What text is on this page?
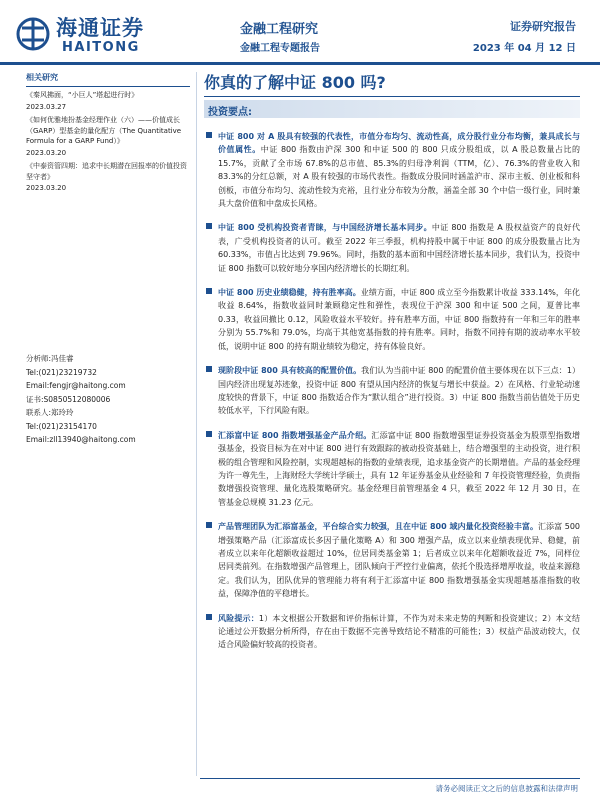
海通证券
HAITONG
金融工程研究
金融工程专题报告
证券研究报告
2023 年 04 月 12 日
相关研究
《秦风拂面，“小巨人”塔起进行时》
2023.03.27
《如何优雅地扮基金经理作业（六）——价值成长（GARP）型基金的量化配方（The Quantitative Formula for a GARP Fund）》
2023.03.20
《中泰资管四期：追求中长期潜在回报率的价值投资坚守者》
2023.03.20
分析师:冯佳睿
Tel:(021)23219732
Email:fengjr@haitong.com
证书:S0850512080006
联系人:郑玲玲
Tel:(021)23154170
Email:zll13940@haitong.com
你真的了解中证 800 吗?
投资要点:
中证 800 对 A 股具有较强的代表性，市值分布均匀、流动性高，成分股行业分布均衡，兼具成长与价值属性。中证 800 指数由沪深 300 和中证 500 的 800 只成分股组成，以 A 股总数量占比的 15.7%，贡献了全市场 67.8%的总市值、85.3%的归母净利润（TTM，亿）、76.3%的营业收入和 83.3%的分红总额，对 A 股有较强的市场代表性。指数成分股同时涵盖沪市、深市主板、创业板和科创板，市值分布均匀、流动性较为充裕，且行业分布较为分散，涵盖全部 30 个中信一级行业，同时兼具大盘价值和中盘成长风格。
中证 800 受机构投资者青睐，与中国经济增长基本同步。中证 800 指数是 A 股权益资产的良好代表，广受机构投资者的认可。截至 2022 年三季报，机构持股中属于中证 800 的成分股数量占比为 60.33%，市值占比达到 79.96%。同时，指数的基本面和中国经济增长基本同步，我们认为，投资中证 800 指数可以较好地分享国内经济增长的长期红利。
中证 800 历史业绩稳健，持有胜率高。业绩方面，中证 800 成立至今指数累计收益 333.14%，年化收益 8.64%，指数收益同时兼顾稳定性和弹性，表现位于沪深 300 和中证 500 之间，夏普比率 0.33，收益回撤比 0.12，风险收益水平较好。持有胜率方面，中证 800 指数持有一年和三年的胜率分别为 55.7%和 79.0%，均高于其他宽基指数的持有胜率。同时，指数不同持有期的波动率水平较低，说明中证 800 的持有期业绩较为稳定，持有体验良好。
现阶段中证 800 具有较高的配置价值。我们认为当前中证 800 的配置价值主要体现在以下三点：1）国内经济出现复苏迹象，投资中证 800 有望从国内经济的恢复与增长中获益。2）在风格、行业轮动速度较快的背景下，中证 800 指数适合作为“默认组合”进行投资。3）中证 800 指数当前估值处于历史较低水平，下行风险有限。
汇添富中证 800 指数增强基金产品介绍。汇添富中证 800 指数增强型证券投资基金为股票型指数增强基金，投资目标为在对中证 800 进行有效跟踪的被动投资基础上，结合增强型的主动投资，进行积极的组合管理和风险控制，实现超越标的指数的业绩表现，追求基金资产的长期增值。产品的基金经理为许一尊先生，上海财经大学统计学硕士，具有 12 年证券基金从业经验和 7 年投资管理经验，负责指数增强投资管理、量化选股策略研究。基金经理目前管理基金 4 只，截至 2022 年 12 月 30 日，在管基金总规模 31.23 亿元。
产品管理团队为汇添富基金，平台综合实力较强，且在中证 800 域内量化投资经验丰富。汇添富 500 增强策略产品（汇添富成长多因子量化策略 A）和 300 增强产品，成立以来业绩表现优异、稳健，前者成立以来年化超额收益超过 10%，位居同类基金第 1；后者成立以来年化超额收益近 7%，同样位居同类前列。在指数增强产品管理上，团队倾向于严控行业偏离，依托个股选择增厚收益，收益来源稳定。我们认为，团队优异的管理能力将有利于汇添富中证 800 指数增强基金实现超越基准指数的收益，保障净值的平稳增长。
风险提示：1）本文根据公开数据和评价指标计算，不作为对未来走势的判断和投资建议；2）本文结论通过公开数据分析所得，存在由于数据不完善导致结论不精准的可能性；3）权益产品波动较大，仅适合风险偏好较高的投资者。
请务必阅读正文之后的信息披露和法律声明
